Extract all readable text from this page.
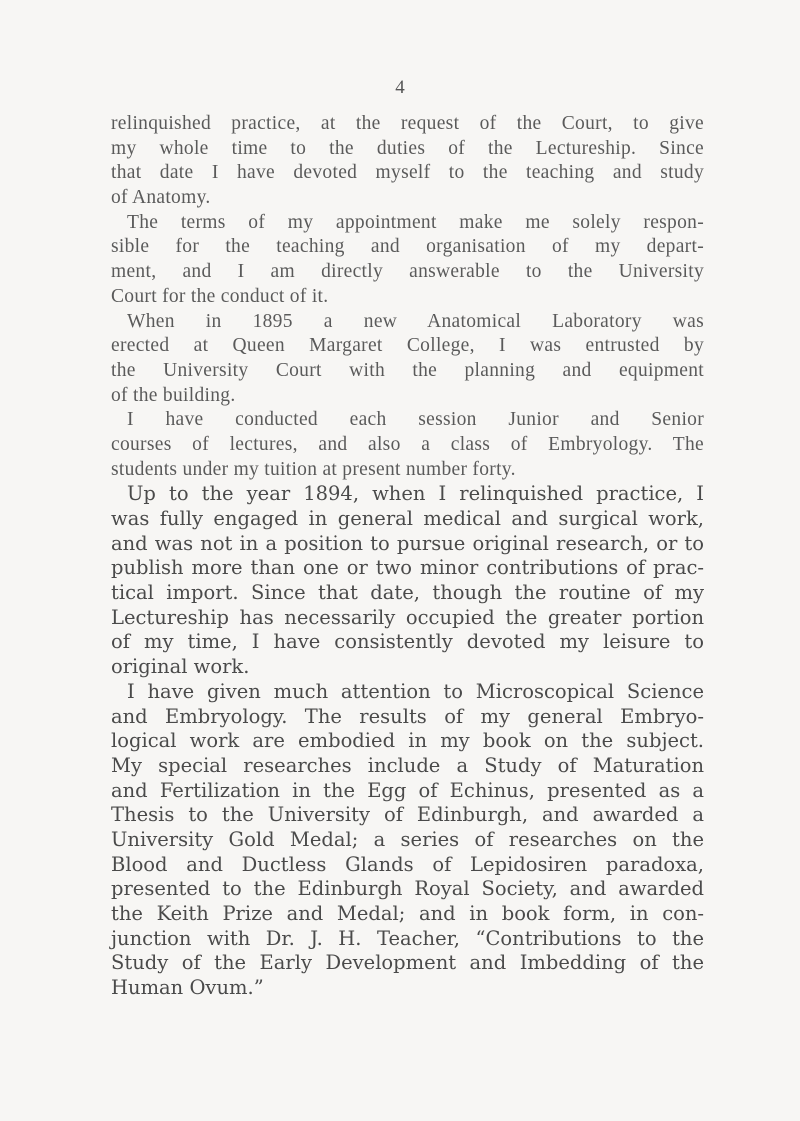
4
relinquished practice, at the request of the Court, to give
my whole time to the duties of the Lectureship. Since
that date I have devoted myself to the teaching and study
of Anatomy.
The terms of my appointment make me solely respon-
sible for the teaching and organisation of my depart-
ment, and I am directly answerable to the University
Court for the conduct of it.
When in 1895 a new Anatomical Laboratory was
erected at Queen Margaret College, I was entrusted by
the University Court with the planning and equipment
of the building.
I have conducted each session Junior and Senior
courses of lectures, and also a class of Embryology. The
students under my tuition at present number forty.
Up to the year 1894, when I relinquished practice, I
was fully engaged in general medical and surgical work,
and was not in a position to pursue original research, or to
publish more than one or two minor contributions of prac-
tical import. Since that date, though the routine of my
Lectureship has necessarily occupied the greater portion
of my time, I have consistently devoted my leisure to
original work.
I have given much attention to Microscopical Science
and Embryology. The results of my general Embryo-
logical work are embodied in my book on the subject.
My special researches include a Study of Maturation
and Fertilization in the Egg of Echinus, presented as a
Thesis to the University of Edinburgh, and awarded a
University Gold Medal; a series of researches on the
Blood and Ductless Glands of Lepidosiren paradoxa,
presented to the Edinburgh Royal Society, and awarded
the Keith Prize and Medal; and in book form, in con-
junction with Dr. J. H. Teacher, “Contributions to the
Study of the Early Development and Imbedding of the
Human Ovum.”
